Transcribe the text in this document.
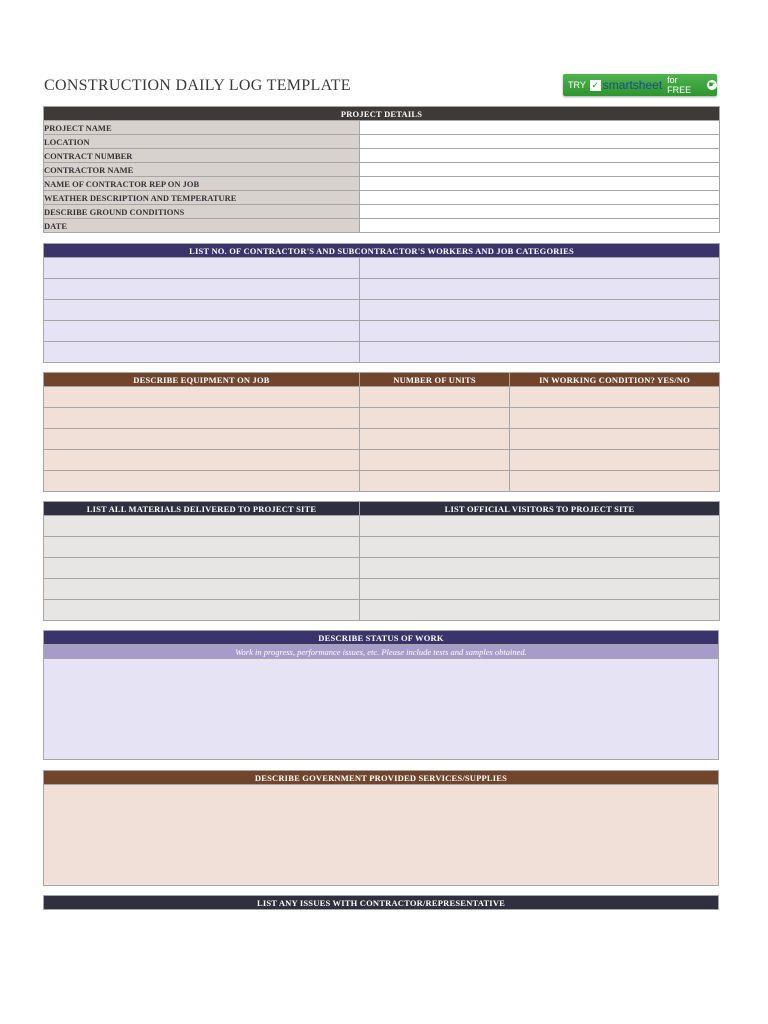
CONSTRUCTION DAILY LOG TEMPLATE	TRY ✓ smartsheet for FREE
☛
PROJECT DETAILS	
PROJECT NAME	
LOCATION	
CONTRACT NUMBER	
CONTRACTOR NAME	
NAME OF CONTRACTOR REP ON JOB	
WEATHER DESCRIPTION AND TEMPERATURE	
DESCRIBE GROUND CONDITIONS	
DATE	
LIST NO. OF CONTRACTOR'S AND SUBCONTRACTOR'S WORKERS AND JOB CATEGORIES	

DESCRIBE EQUIPMENT ON JOB	NUMBER OF UNITS	IN WORKING CONDITION? YES/NO

LIST ALL MATERIALS DELIVERED TO PROJECT SITE	LIST OFFICIAL VISITORS TO PROJECT SITE

DESCRIBE STATUS OF WORK
Work in progress, performance issues, etc. Please include tests and samples obtained.

DESCRIBE GOVERNMENT PROVIDED SERVICES/SUPPLIES

LIST ANY ISSUES WITH CONTRACTOR/REPRESENTATIVE
